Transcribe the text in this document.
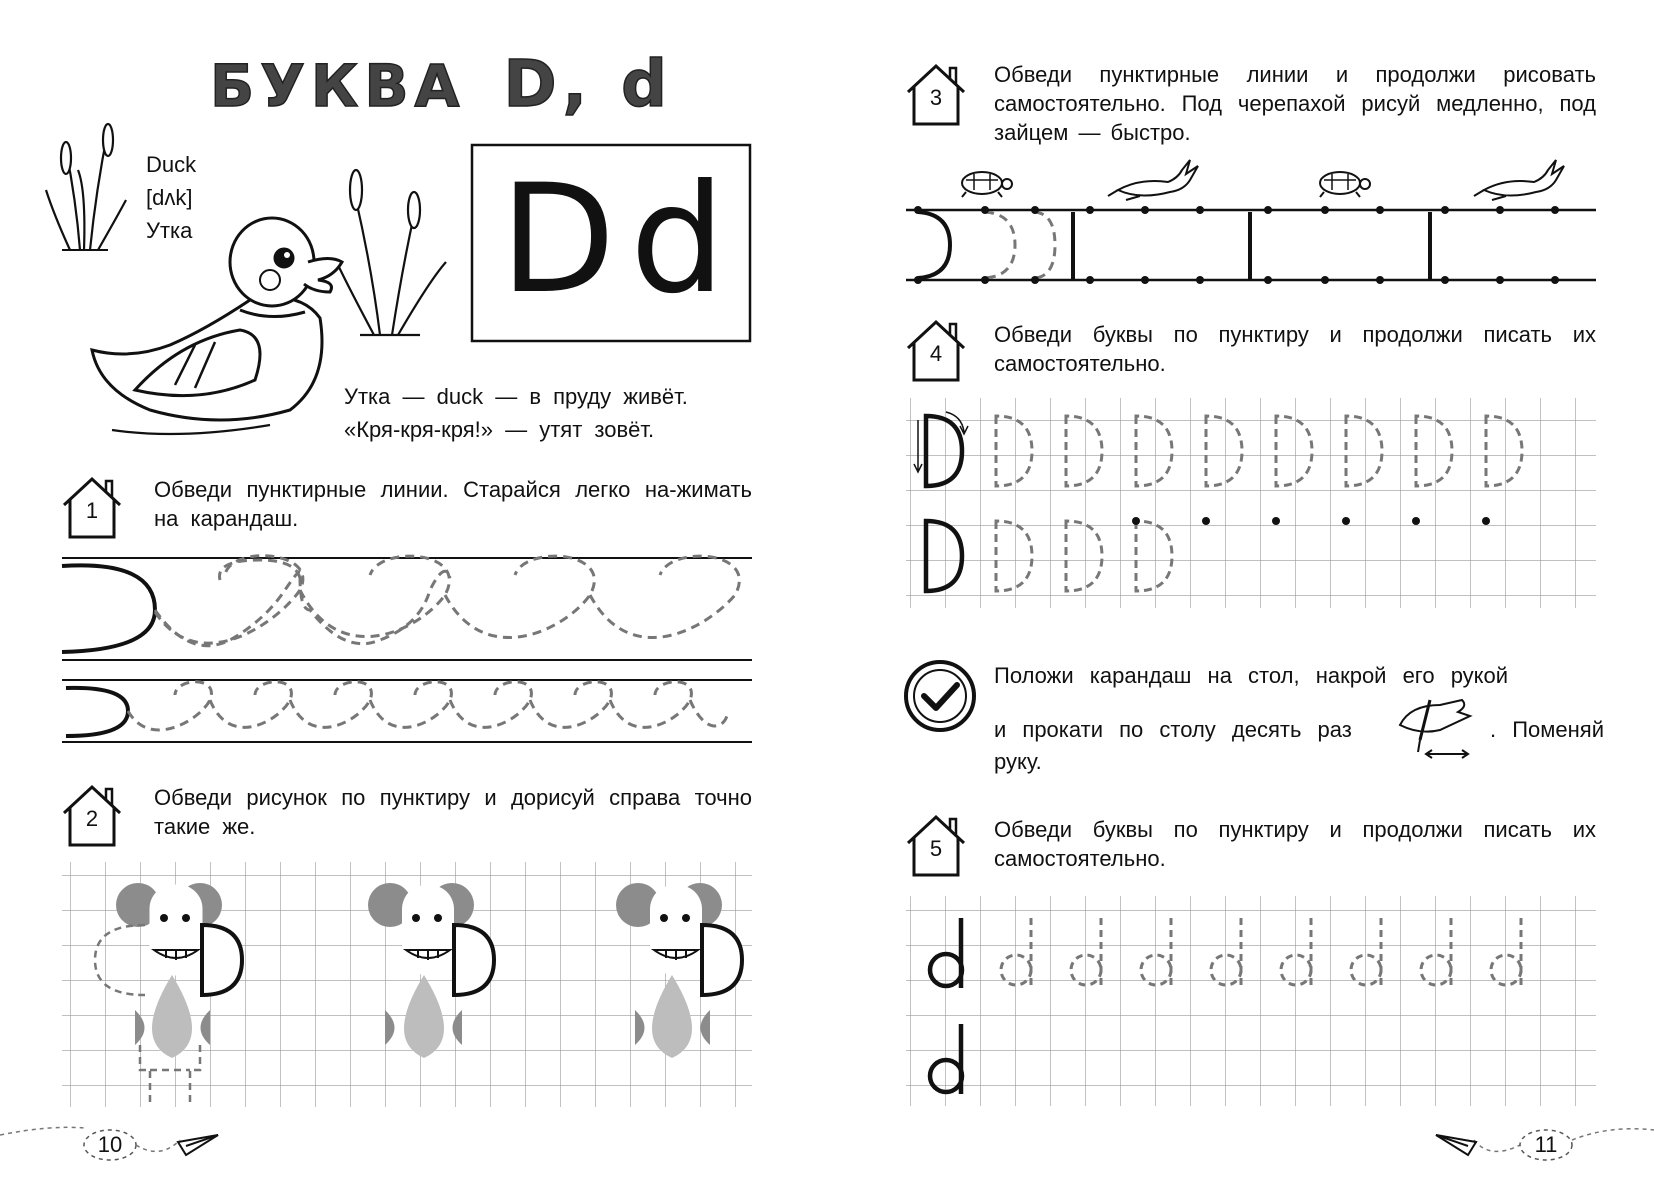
БУКВА D, d
Duck
[dʌk]
Утка D d
Утка — duck — в пруду живёт.
«Кря-кря-кря!» — утят зовёт.
1
2
3
4
5
Обведи пунктирные линии. Старайся легко на-жимать на карандаш.
Обведи рисунок по пунктиру и дорисуй справа точно такие же.
Обведи пунктирные линии и продолжи рисовать самостоятельно. Под черепахой рисуй медленно, под зайцем — быстро.
Обведи буквы по пунктиру и продолжи писать их самостоятельно.
Обведи буквы по пунктиру и продолжи писать их самостоятельно.
Положи карандаш на стол, накрой его рукой
и прокати по столу десять раз	. Поменяй
руку.
10	11
